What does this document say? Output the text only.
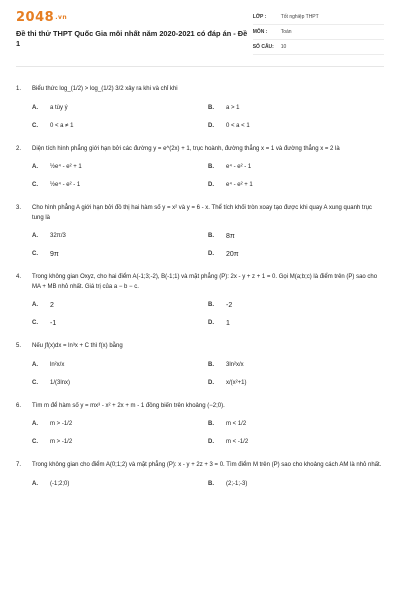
2048.vn
Đề thi thử THPT Quốc Gia môi nhất năm 2020-2021 có đáp án - Đề 1
LỚP :	Tốt nghiệp THPT
MÔN :	Toán
SỐ CÂU:	10
1.	Biểu thức log_(1/2) > log_(1/2) 3/2 xảy ra khi và chỉ khi
A.	a tùy ý	B.	a > 1
C.	0 < a ≠ 1	D.	0 < a < 1
2.	Diện tích hình phẳng giới hạn bởi các đường y = e^(2x) + 1, trục hoành, đường thẳng x = 1 và đường thẳng x = 2 là
A.	½e⁴ - e² + 1	B.	e⁴ - e² - 1
C.	½e⁴ - e² - 1	D.	e⁴ - e² + 1
3.	Cho hình phẳng A giới hạn bởi đồ thị hai hàm số y = x² và y = 6 - x. Thể tích khối tròn xoay tạo được khi quay A xung quanh trục tung là
A.	32π/3	B.	8π
C.	9π	D.	20π
4.	Trong không gian Oxyz, cho hai điểm A(-1;3;-2), B(-1;1) và mặt phẳng (P): 2x - y + z + 1 = 0. Gọi M(a;b;c) là điểm trên (P) sao cho MA + MB nhỏ nhất. Giá trị của a − b − c.
A.	2	B.	-2
C.	-1	D.	1
5.	Nếu ∫f(x)dx = ln³x + C thì f(x) bằng
A.	ln²x/x	B.	3ln²x/x
C.	1/(3lnx)	D.	x/(x²+1)
6.	Tìm m để hàm số y = mx³ - x² + 2x + m - 1 đồng biến trên khoảng (−2;0).
A.	m > -1/2	B.	m < 1/2
C.	m > -1/2	D.	m < -1/2
7.	Trong không gian cho điểm A(0;1;2) và mặt phẳng (P): x - y + 2z + 3 = 0. Tìm điểm M trên (P) sao cho khoảng cách AM là nhỏ nhất.
A.	(-1;2;0)	B.	(2;-1;-3)
